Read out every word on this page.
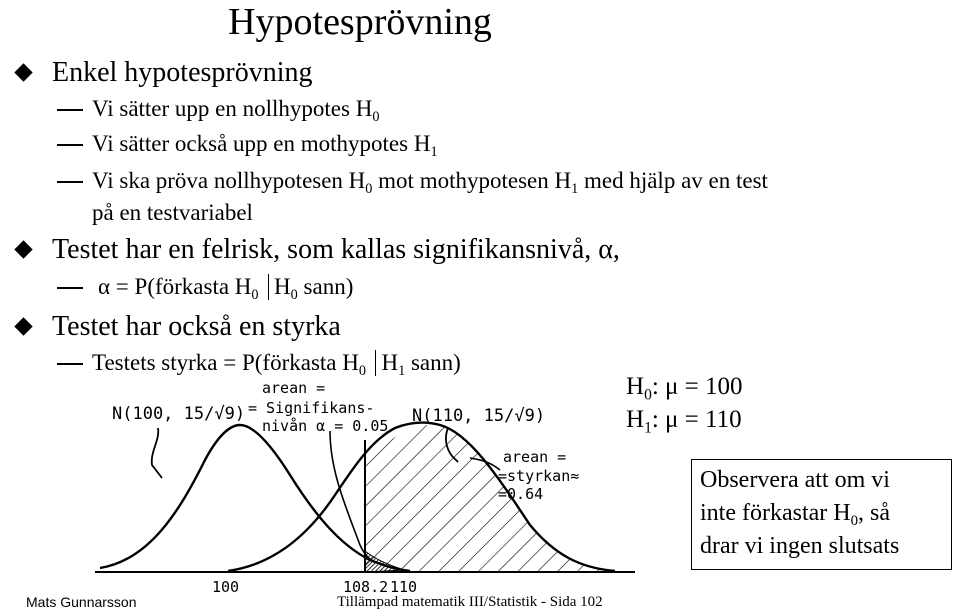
Hypotesprövning
Enkel hypotesprövning
Vi sätter upp en nollhypotes $H_0$
Vi sätter också upp en mothypotes $H_1$
Vi ska pröva nollhypotesen $H_0$ mot mothypotesen $H_1$ med hjälp av en test
på en testvariabel
Testet har en felrisk, som kallas signifikansnivå, α,
α = P(förkasta $H_0$ $H_0$ sann)
Testet har också en styrka
Testets styrka = P(förkasta $H_0$ $H_1$ sann)
$H_0$: μ = 100
$H_1$: μ = 110
Observera att om vi
inte förkastar $H_0$, så
drar vi ingen slutsats
N(100, 15/√9)	N(110, 15/√9)
arean =
= Signifikans-
nivån α = 0.05
arean =
=styrkan≈
=0.64
100	108.2 110
Mats Gunnarsson	Tillämpad matematik III/Statistik - Sida 102
